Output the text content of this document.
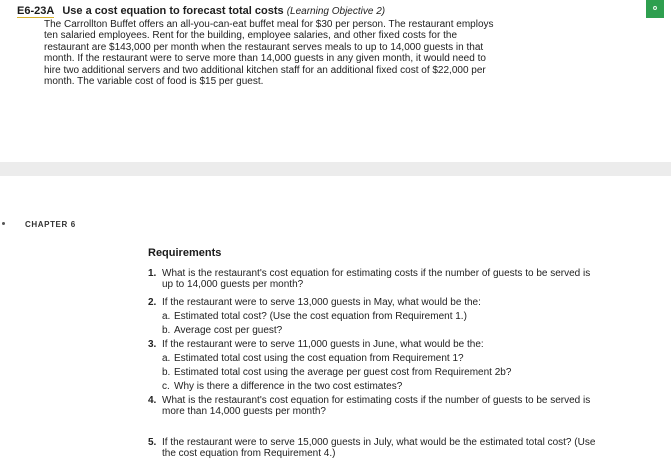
E6-23A Use a cost equation to forecast total costs (Learning Objective 2)

The Carrollton Buffet offers an all-you-can-eat buffet meal for $30 per person. The restaurant employs ten salaried employees. Rent for the building, employee salaries, and other fixed costs for the restaurant are $143,000 per month when the restaurant serves meals to up to 14,000 guests in that month. If the restaurant were to serve more than 14,000 guests in any given month, it would need to hire two additional servers and two additional kitchen staff for an additional fixed cost of $22,000 per month. The variable cost of food is $15 per guest.

o
CHAPTER 6
Requirements
1. What is the restaurant's cost equation for estimating costs if the number of guests to be served is up to 14,000 guests per month?
2. If the restaurant were to serve 13,000 guests in May, what would be the:
a. Estimated total cost? (Use the cost equation from Requirement 1.)
b. Average cost per guest?
3. If the restaurant were to serve 11,000 guests in June, what would be the:
a. Estimated total cost using the cost equation from Requirement 1?
b. Estimated total cost using the average per guest cost from Requirement 2b?
c. Why is there a difference in the two cost estimates?
4. What is the restaurant's cost equation for estimating costs if the number of guests to be served is more than 14,000 guests per month?
5. If the restaurant were to serve 15,000 guests in July, what would be the estimated total cost? (Use the cost equation from Requirement 4.)
